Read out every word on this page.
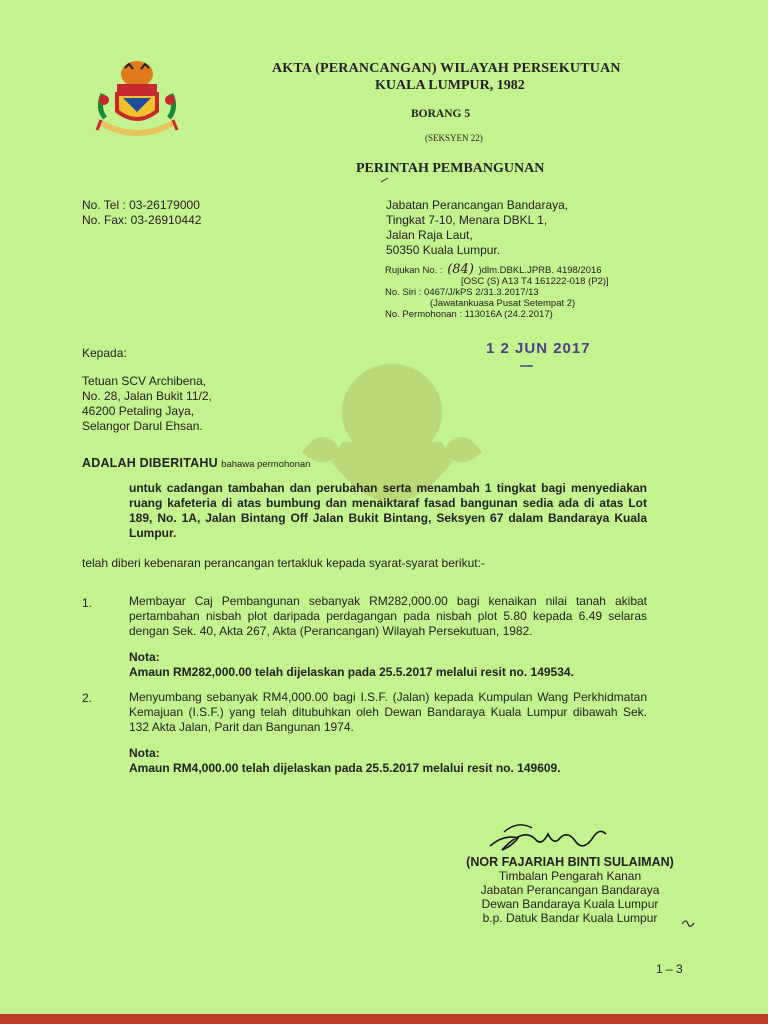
AKTA (PERANCANGAN) WILAYAH PERSEKUTUAN
KUALA LUMPUR, 1982
BORANG 5
(SEKSYEN 22)
PERINTAH PEMBANGUNAN
No. Tel : 03-26179000
No. Fax: 03-26910442
Jabatan Perancangan Bandaraya,
Tingkat 7-10, Menara DBKL 1,
Jalan Raja Laut,
50350 Kuala Lumpur.
Rujukan No. : (84) )dlm.DBKL.JPRB. 4198/2016
[OSC (S) A13 T4 161222-018 (P2)]
No. Siri : 0467/J/kPS 2/31.3.2017/13
(Jawatankuasa Pusat Setempat 2)
No. Permohonan : 113016A (24.2.2017)
1 2 JUN 2017
Kepada:
Tetuan SCV Archibena,
No. 28, Jalan Bukit 11/2,
46200 Petaling Jaya,
Selangor Darul Ehsan.
ADALAH DIBERITAHU bahawa permohonan
untuk cadangan tambahan dan perubahan serta menambah 1 tingkat bagi menyediakan ruang kafeteria di atas bumbung dan menaiktaraf fasad bangunan sedia ada di atas Lot 189, No. 1A, Jalan Bintang Off Jalan Bukit Bintang, Seksyen 67 dalam Bandaraya Kuala Lumpur.
telah diberi kebenaran perancangan tertakluk kepada syarat-syarat berikut:-
1.	Membayar Caj Pembangunan sebanyak RM282,000.00 bagi kenaikan nilai tanah akibat pertambahan nisbah plot daripada perdagangan pada nisbah plot 5.80 kepada 6.49 selaras dengan Sek. 40, Akta 267, Akta (Perancangan) Wilayah Persekutuan, 1982.
Nota:
Amaun RM282,000.00 telah dijelaskan pada 25.5.2017 melalui resit no. 149534.
2.	Menyumbang sebanyak RM4,000.00 bagi I.S.F. (Jalan) kepada Kumpulan Wang Perkhidmatan Kemajuan (I.S.F.) yang telah ditubuhkan oleh Dewan Bandaraya Kuala Lumpur dibawah Sek. 132 Akta Jalan, Parit dan Bangunan 1974.
Nota:
Amaun RM4,000.00 telah dijelaskan pada 25.5.2017 melalui resit no. 149609.
(NOR FAJARIAH BINTI SULAIMAN)
Timbalan Pengarah Kanan
Jabatan Perancangan Bandaraya
Dewan Bandaraya Kuala Lumpur
b.p. Datuk Bandar Kuala Lumpur
1 – 3
